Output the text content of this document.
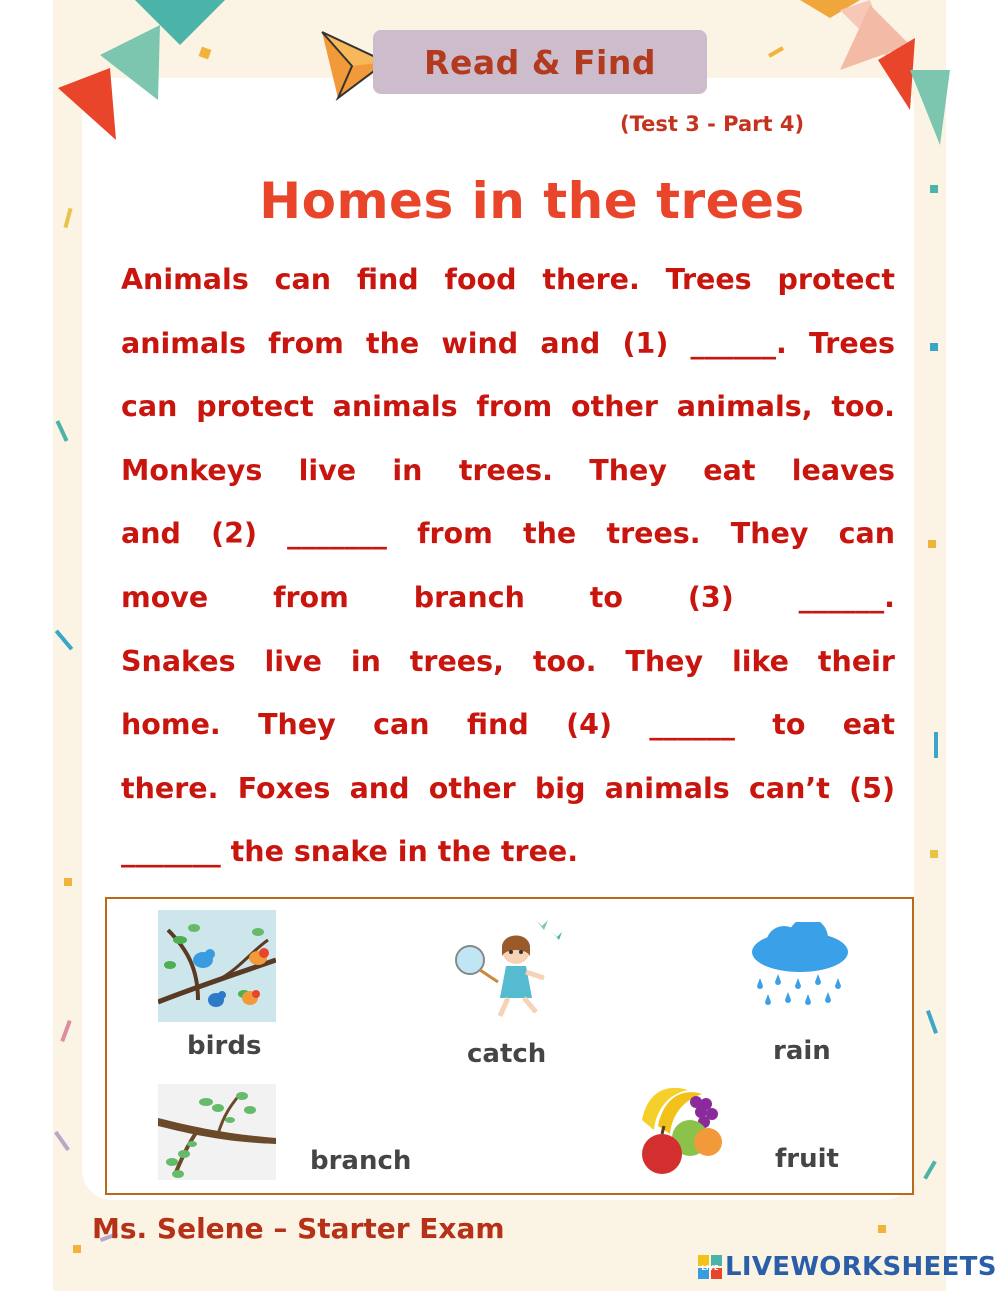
Read & Find
(Test 3 - Part 4)
Homes in the trees
Animals can find food there. Trees protect
animals from the wind and (1) ______. Trees
can protect animals from other animals, too.
Monkeys live in trees. They eat leaves
and (2) _______ from the trees. They can
move from branch to (3) ______.
Snakes live in trees, too. They like their
home. They can find (4) ______ to eat
there. Foxes and other big animals can’t (5)
_______ the snake in the tree.
birds	catch	rain
branch	fruit
Ms. Selene – Starter Exam
LIVE LIVEWORKSHEETS
